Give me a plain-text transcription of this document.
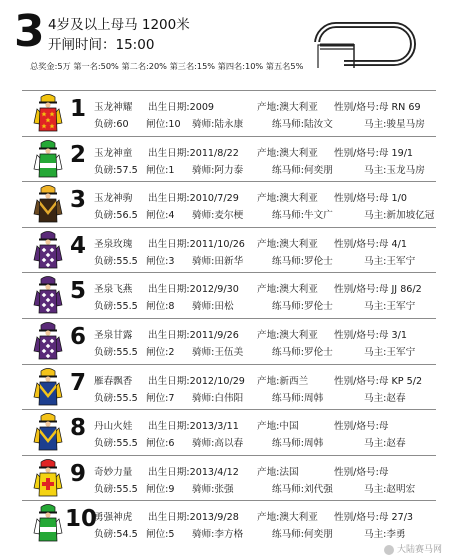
3 4岁及以上母马 1200米
开闸时间：15:00
总奖金:5万 第一名:50% 第二名:20% 第三名:15% 第四名:10% 第五名5%
1 玉龙神耀 出生日期:2009	产地:澳大利亚 性别/烙号:母 RN 69
负磅:60 闸位:10 骑师:陆永康	练马师:陆汝文	马主:骏星马房
2 玉龙神童 出生日期:2011/8/22 产地:澳大利亚 性别/烙号:母 19/1
负磅:57.5 闸位:1 骑师:阿力泰	练马师:何奕朋	马主:玉龙马房
3 玉龙神驹 出生日期:2010/7/29 产地:澳大利亚 性别/烙号:母 1/0
负磅:56.5 闸位:4 骑师:麦尔梗	练马师:牛文广	马主:新加坡亿冠
4 圣泉玫瑰 出生日期:2011/10/26 产地:澳大利亚 性别/烙号:母 4/1
负磅:55.5 闸位:3 骑师:田新华	练马师:罗伦士	马主:王军宁
5 圣泉飞燕 出生日期:2012/9/30 产地:澳大利亚 性别/烙号:母 JJ 86/2
负磅:55.5 闸位:8 骑师:田松	练马师:罗伦士	马主:王军宁
6 圣泉甘露 出生日期:2011/9/26 产地:澳大利亚 性别/烙号:母 3/1
负磅:55.5 闸位:2 骑师:王伍美	练马师:罗伦士	马主:王军宁
7 雁春飘香 出生日期:2012/10/29 产地:新西兰	性别/烙号:母 KP 5/2
负磅:55.5 闸位:7 骑师:白伟阳	练马师:周韩	马主:赵春
8 丹山火娃 出生日期:2013/3/11 产地:中国	性别/烙号:母
负磅:55.5 闸位:6 骑师:高以春	练马师:周韩	马主:赵春
9 奇妙力量 出生日期:2013/4/12 产地:法国	性别/烙号:母
负磅:55.5 闸位:9 骑师:张强	练马师:刘代强	马主:赵明宏
10
勇强神虎 出生日期:2013/9/28 产地:澳大利亚 性别/烙号:母 27/3
负磅:54.5 闸位:5 骑师:李方格	练马师:何奕朋	马主:李勇
大陆赛马网
